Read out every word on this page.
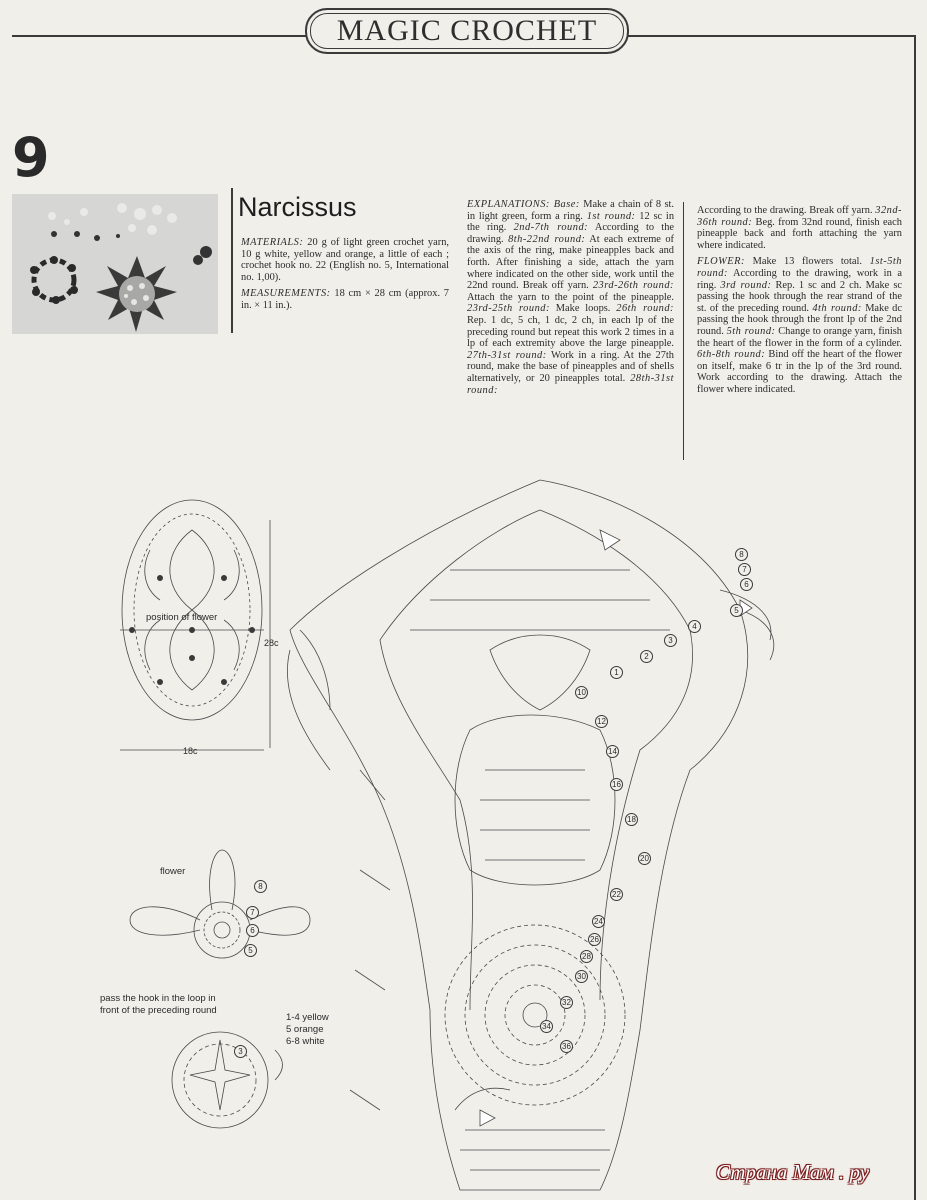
MAGIC CROCHET
9
Narcissus

MATERIALS: 20 g of light green crochet yarn, 10 g white, yellow and orange, a little of each ; crochet hook no. 22 (English no. 5, International no. 1,00).

MEASUREMENTS: 18 cm × 28 cm (approx. 7 in. × 11 in.).

EXPLANATIONS: Base: Make a chain of 8 st. in light green, form a ring. 1st round: 12 sc in the ring. 2nd-7th round: According to the drawing. 8th-22nd round: At each extreme of the axis of the ring, make pineapples back and forth. After finishing a side, attach the yarn where indicated on the other side, work until the 22nd round. Break off yarn. 23rd-26th round: Attach the yarn to the point of the pineapple. 23rd-25th round: Make loops. 26th round: Rep. 1 dc, 5 ch, 1 dc, 2 ch, in each lp of the preceding round but repeat this work 2 times in a lp of each extremity above the large pineapple. 27th-31st round: Work in a ring. At the 27th round, make the base of pineapples and of shells alternatively, or 20 pineapples total. 28th-31st round:

According to the drawing. Break off yarn. 32nd-36th round: Beg. from 32nd round, finish each pineapple back and forth attaching the yarn where indicated.

FLOWER: Make 13 flowers total. 1st-5th round: According to the drawing, work in a ring. 3rd round: Rep. 1 sc and 2 ch. Make sc passing the hook through the rear strand of the st. of the preceding round. 4th round: Make dc passing the hook through the front lp of the 2nd round. 5th round: Change to orange yarn, finish the heart of the flower in the form of a cylinder. 6th-8th round: Bind off the heart of the flower on itself, make 6 tr in the lp of the 3rd round. Work according to the drawing. Attach the flower where indicated.

position of flower
28c
18c
flower
pass the hook in the loop in
front of the preceding round
1-4 yellow
5 orange
6-8 white
8
7
6
5
4
3
2
1
10
12
14
16
18
20
22
24
26
28
30
32
34
36
8
7
6
5
3
Страна Мам . ру
